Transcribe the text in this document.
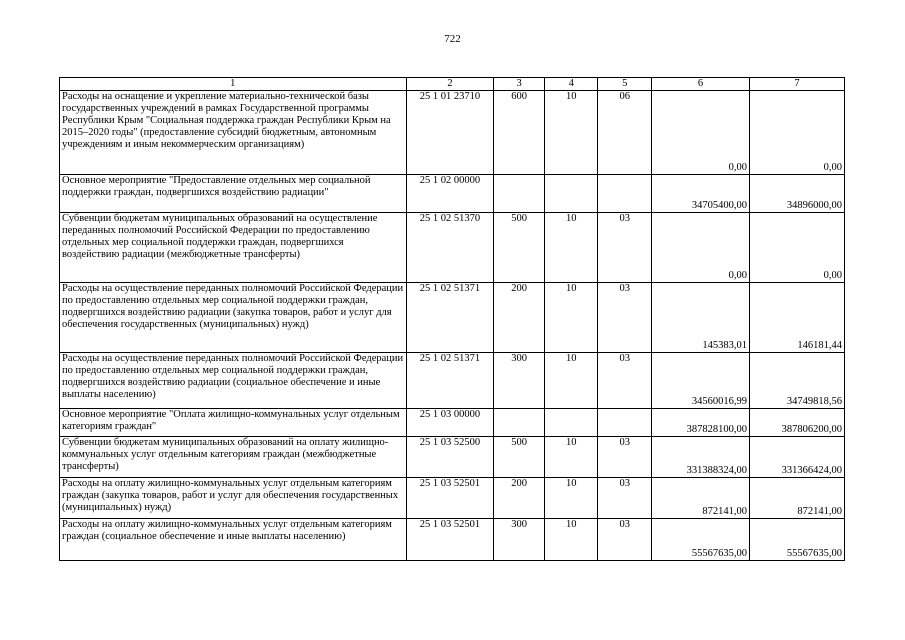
722
1	2	3	4	5	6	7
Расходы на оснащение и укрепление материально-технической базы государственных учреждений в рамках Государственной программы Республики Крым "Социальная поддержка граждан Республики Крым на 2015–2020 годы" (предоставление субсидий бюджетным, автономным учреждениям и иным некоммерческим организациям)	25 1 01 23710	600	10	06	0,00	0,00
Основное мероприятие "Предоставление отдельных мер социальной поддержки граждан, подвергшихся воздействию радиации"	25 1 02 00000				34705400,00	34896000,00
Субвенции бюджетам муниципальных образований на осуществление переданных полномочий Российской Федерации по предоставлению отдельных мер социальной поддержки граждан, подвергшихся воздействию радиации (межбюджетные трансферты)	25 1 02 51370	500	10	03	0,00	0,00
Расходы на осуществление переданных полномочий Российской Федерации по предоставлению отдельных мер социальной поддержки граждан, подвергшихся воздействию радиации (закупка товаров, работ и услуг для обеспечения государственных (муниципальных) нужд)	25 1 02 51371	200	10	03	145383,01	146181,44
Расходы на осуществление переданных полномочий Российской Федерации по предоставлению отдельных мер социальной поддержки граждан, подвергшихся воздействию радиации (социальное обеспечение и иные выплаты населению)	25 1 02 51371	300	10	03	34560016,99	34749818,56
Основное мероприятие "Оплата жилищно-коммунальных услуг отдельным категориям граждан"	25 1 03 00000				387828100,00	387806200,00
Субвенции бюджетам муниципальных образований на оплату жилищно-коммунальных услуг отдельным категориям граждан (межбюджетные трансферты)	25 1 03 52500	500	10	03	331388324,00	331366424,00
Расходы на оплату жилищно-коммунальных услуг отдельным категориям граждан (закупка товаров, работ и услуг для обеспечения государственных (муниципальных) нужд)	25 1 03 52501	200	10	03	872141,00	872141,00
Расходы на оплату жилищно-коммунальных услуг отдельным категориям граждан (социальное обеспечение и иные выплаты населению)	25 1 03 52501	300	10	03	55567635,00	55567635,00
